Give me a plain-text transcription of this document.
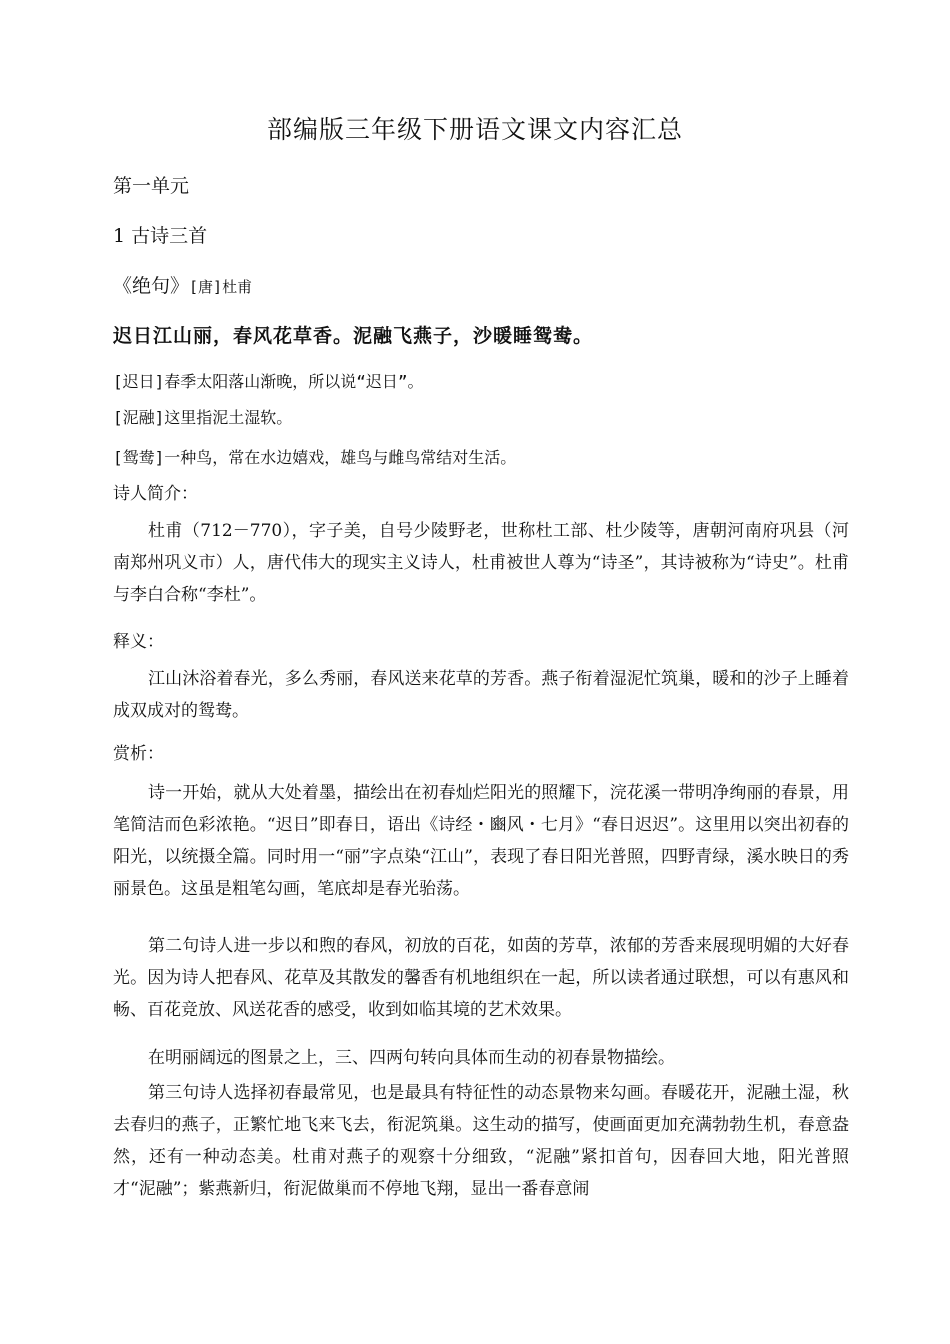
部编版三年级下册语文课文内容汇总
第一单元
1 古诗三首
《绝句》[唐]杜甫
迟日江山丽，春风花草香。泥融飞燕子，沙暖睡鸳鸯。
[迟日]春季太阳落山渐晚，所以说“迟日”。
[泥融]这里指泥土湿软。
[鸳鸯]一种鸟，常在水边嬉戏，雄鸟与雌鸟常结对生活。
诗人简介：
杜甫（712－770），字子美，自号少陵野老，世称杜工部、杜少陵等，唐朝河南府巩县（河南郑州巩义市）人，唐代伟大的现实主义诗人，杜甫被世人尊为“诗圣”，其诗被称为“诗史”。杜甫与李白合称“李杜”。
释义：
江山沐浴着春光，多么秀丽，春风送来花草的芳香。燕子衔着湿泥忙筑巢，暖和的沙子上睡着成双成对的鸳鸯。
赏析：
诗一开始，就从大处着墨，描绘出在初春灿烂阳光的照耀下，浣花溪一带明净绚丽的春景，用笔简洁而色彩浓艳。“迟日”即春日，语出《诗经・豳风・七月》“春日迟迟”。这里用以突出初春的阳光，以统摄全篇。同时用一“丽”字点染“江山”，表现了春日阳光普照，四野青绿，溪水映日的秀丽景色。这虽是粗笔勾画，笔底却是春光骀荡。
第二句诗人进一步以和煦的春风，初放的百花，如茵的芳草，浓郁的芳香来展现明媚的大好春光。因为诗人把春风、花草及其散发的馨香有机地组织在一起，所以读者通过联想，可以有惠风和畅、百花竞放、风送花香的感受，收到如临其境的艺术效果。
在明丽阔远的图景之上，三、四两句转向具体而生动的初春景物描绘。
第三句诗人选择初春最常见，也是最具有特征性的动态景物来勾画。春暖花开，泥融土湿，秋去春归的燕子，正繁忙地飞来飞去，衔泥筑巢。这生动的描写，使画面更加充满勃勃生机，春意盎然，还有一种动态美。杜甫对燕子的观察十分细致，“泥融”紧扣首句，因春回大地，阳光普照才“泥融”；紫燕新归，衔泥做巢而不停地飞翔，显出一番春意闹
